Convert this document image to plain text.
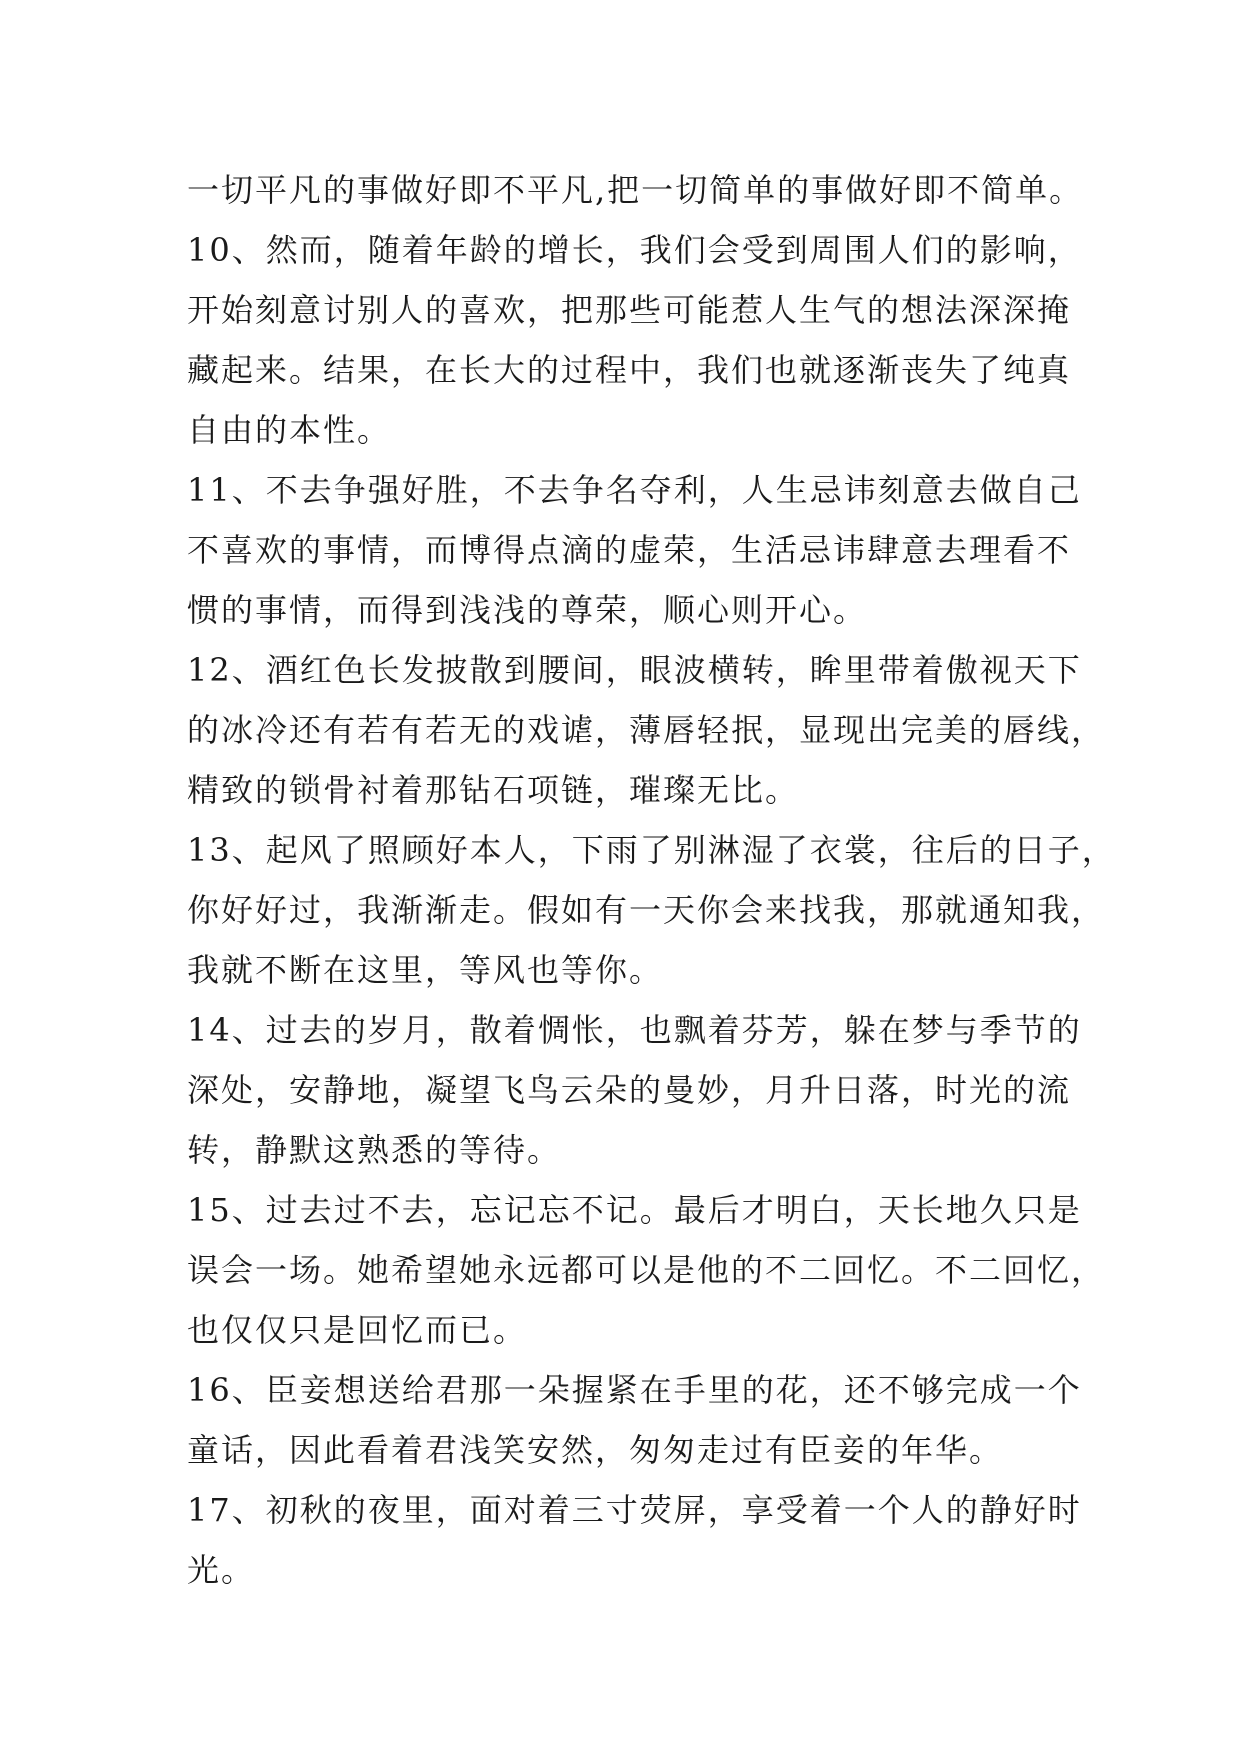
一切平凡的事做好即不平凡,把一切简单的事做好即不简单。
10、然而，随着年龄的增长，我们会受到周围人们的影响，
开始刻意讨别人的喜欢，把那些可能惹人生气的想法深深掩
藏起来。结果，在长大的过程中，我们也就逐渐丧失了纯真
自由的本性。
11、不去争强好胜，不去争名夺利，人生忌讳刻意去做自己
不喜欢的事情，而博得点滴的虚荣，生活忌讳肆意去理看不
惯的事情，而得到浅浅的尊荣，顺心则开心。
12、酒红色长发披散到腰间，眼波横转，眸里带着傲视天下
的冰冷还有若有若无的戏谑，薄唇轻抿，显现出完美的唇线，
精致的锁骨衬着那钻石项链，璀璨无比。
13、起风了照顾好本人，下雨了别淋湿了衣裳，往后的日子，
你好好过，我渐渐走。假如有一天你会来找我，那就通知我，
我就不断在这里，等风也等你。
14、过去的岁月，散着惆怅，也飘着芬芳，躲在梦与季节的
深处，安静地，凝望飞鸟云朵的曼妙，月升日落，时光的流
转，静默这熟悉的等待。
15、过去过不去，忘记忘不记。最后才明白，天长地久只是
误会一场。她希望她永远都可以是他的不二回忆。不二回忆，
也仅仅只是回忆而已。
16、臣妾想送给君那一朵握紧在手里的花，还不够完成一个
童话，因此看着君浅笑安然，匆匆走过有臣妾的年华。
17、初秋的夜里，面对着三寸荧屏，享受着一个人的静好时
光。
